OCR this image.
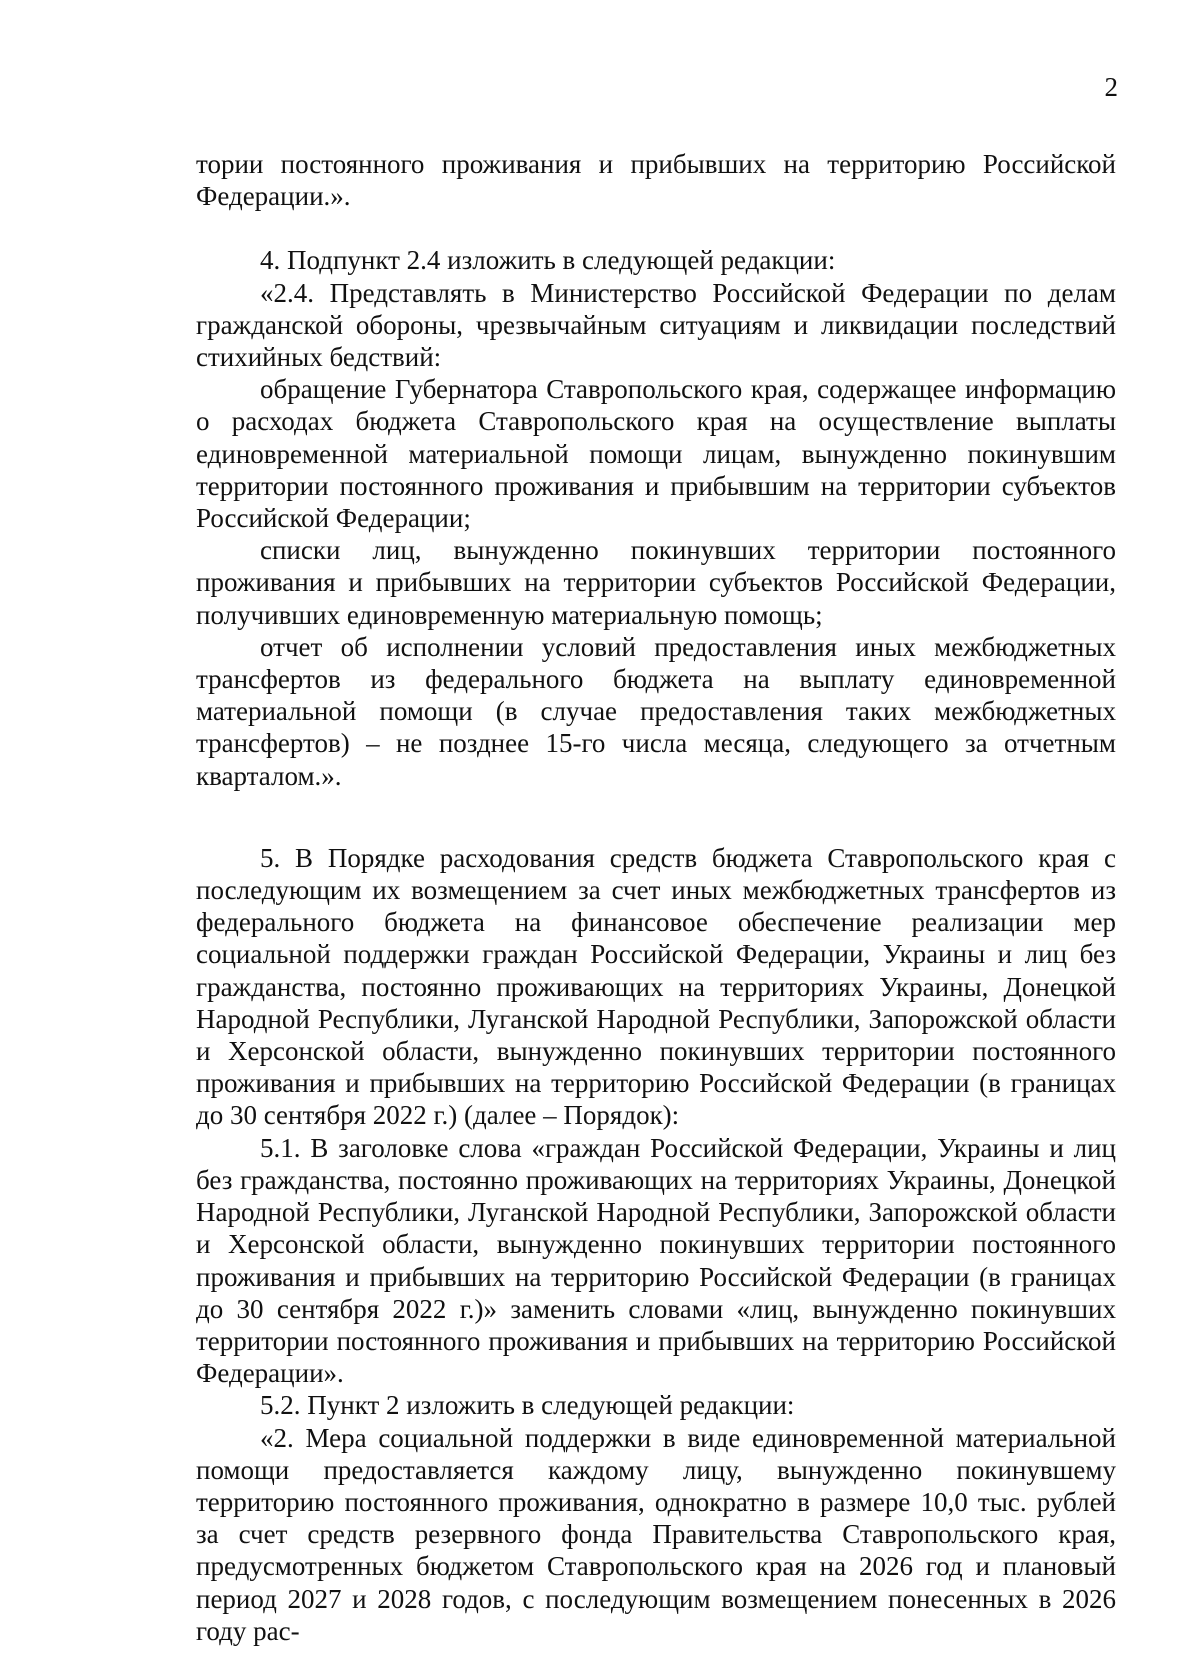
2

тории постоянного проживания и прибывших на территорию Российской Федерации.».

4. Подпункт 2.4 изложить в следующей редакции:

«2.4. Представлять в Министерство Российской Федерации по делам гражданской обороны, чрезвычайным ситуациям и ликвидации последствий стихийных бедствий:

обращение Губернатора Ставропольского края, содержащее информацию о расходах бюджета Ставропольского края на осуществление выплаты единовременной материальной помощи лицам, вынужденно покинувшим территории постоянного проживания и прибывшим на территории субъектов Российской Федерации;

списки лиц, вынужденно покинувших территории постоянного проживания и прибывших на территории субъектов Российской Федерации, получивших единовременную материальную помощь;

отчет об исполнении условий предоставления иных межбюджетных трансфертов из федерального бюджета на выплату единовременной материальной помощи (в случае предоставления таких межбюджетных трансфертов) – не позднее 15-го числа месяца, следующего за отчетным кварталом.».

5. В Порядке расходования средств бюджета Ставропольского края с последующим их возмещением за счет иных межбюджетных трансфертов из федерального бюджета на финансовое обеспечение реализации мер социальной поддержки граждан Российской Федерации, Украины и лиц без гражданства, постоянно проживающих на территориях Украины, Донецкой Народной Республики, Луганской Народной Республики, Запорожской области и Херсонской области, вынужденно покинувших территории постоянного проживания и прибывших на территорию Российской Федерации (в границах до 30 сентября 2022 г.) (далее – Порядок):

5.1. В заголовке слова «граждан Российской Федерации, Украины и лиц без гражданства, постоянно проживающих на территориях Украины, Донецкой Народной Республики, Луганской Народной Республики, Запорожской области и Херсонской области, вынужденно покинувших территории постоянного проживания и прибывших на территорию Российской Федерации (в границах до 30 сентября 2022 г.)» заменить словами «лиц, вынужденно покинувших территории постоянного проживания и прибывших на территорию Российской Федерации».

5.2. Пункт 2 изложить в следующей редакции:

«2. Мера социальной поддержки в виде единовременной материальной помощи предоставляется каждому лицу, вынужденно покинувшему территорию постоянного проживания, однократно в размере 10,0 тыс. рублей за счет средств резервного фонда Правительства Ставропольского края, предусмотренных бюджетом Ставропольского края на 2026 год и плановый период 2027 и 2028 годов, с последующим возмещением понесенных в 2026 году рас-
